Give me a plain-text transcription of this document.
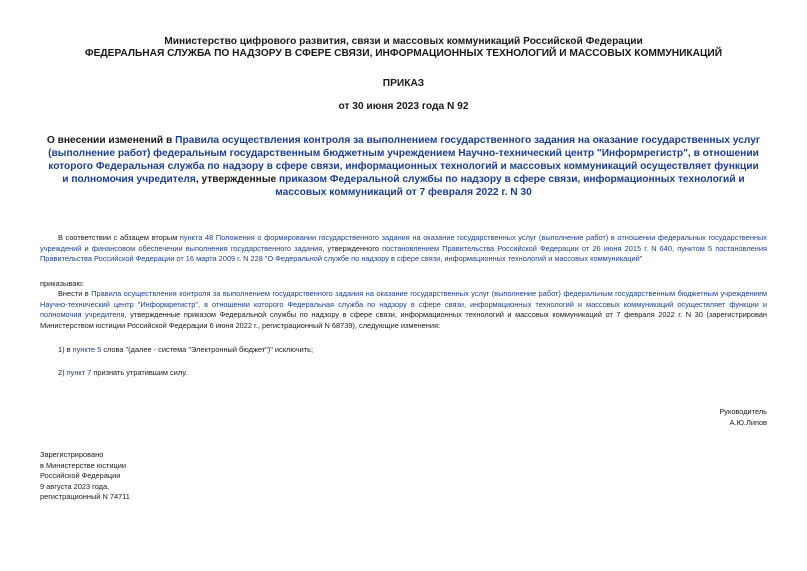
Министерство цифрового развития, связи и массовых коммуникаций Российской Федерации
ФЕДЕРАЛЬНАЯ СЛУЖБА ПО НАДЗОРУ В СФЕРЕ СВЯЗИ, ИНФОРМАЦИОННЫХ ТЕХНОЛОГИЙ И МАССОВЫХ КОММУНИКАЦИЙ
ПРИКАЗ
от 30 июня 2023 года N 92
О внесении изменений в Правила осуществления контроля за выполнением государственного задания на оказание государственных услуг (выполнение работ) федеральным государственным бюджетным учреждением Научно-технический центр "Информрегистр", в отношении которого Федеральная служба по надзору в сфере связи, информационных технологий и массовых коммуникаций осуществляет функции и полномочия учредителя, утвержденные приказом Федеральной службы по надзору в сфере связи, информационных технологий и массовых коммуникаций от 7 февраля 2022 г. N 30
В соответствии с абзацем вторым пункта 48 Положения о формировании государственного задания на оказание государственных услуг (выполнение работ) в отношении федеральных государственных учреждений и финансовом обеспечении выполнения государственного задания, утвержденного постановлением Правительства Российской Федерации от 26 июня 2015 г. N 640, пунктом 5 постановления Правительства Российской Федерации от 16 марта 2009 г. N 228 "О Федеральной службе по надзору в сфере связи, информационных технологий и массовых коммуникаций"
приказываю:
Внести в Правила осуществления контроля за выполнением государственного задания на оказание государственных услуг (выполнение работ) федеральным государственным бюджетным учреждением Научно-технический центр "Информрегистр", в отношении которого Федеральная служба по надзору в сфере связи, информационных технологий и массовых коммуникаций осуществляет функции и полномочия учредителя, утвержденные приказом Федеральной службы по надзору в сфере связи, информационных технологий и массовых коммуникаций от 7 февраля 2022 г. N 30 (зарегистрирован Министерством юстиции Российской Федерации 6 июня 2022 г., регистрационный N 68739), следующие изменения:
1) в пункте 5 слова "(далее - система "Электронный бюджет")" исключить;
2) пункт 7 признать утратившим силу.
Руководитель
А.Ю.Липов
Зарегистрировано
в Министерстве юстиции
Российской Федерации
9 августа 2023 года,
регистрационный N 74711
